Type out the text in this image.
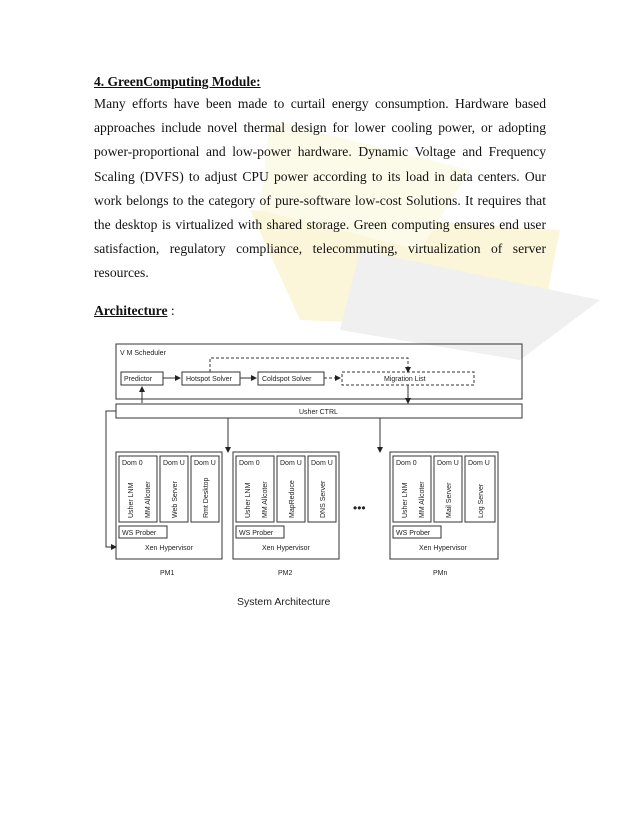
4. GreenComputing Module:
Many efforts have been made to curtail energy consumption. Hardware based approaches include novel thermal design for lower cooling power, or adopting power-proportional and low-power hardware. Dynamic Voltage and Frequency Scaling (DVFS) to adjust CPU power according to its load in data centers. Our work belongs to the category of pure-software low-cost Solutions. It requires that the desktop is virtualized with shared storage. Green computing ensures end user satisfaction, regulatory compliance, telecommuting, virtualization of server resources.
Architecture :
V M Scheduler
Predictor	Hotspot Solver	Coldspot Solver	Migration List
Usher CTRL
Dom 0	Dom U Dom U
WS Prober
Xen Hypervisor
PM1
Dom 0	Dom U Dom U
WS Prober
Xen Hypervisor
PM2
Dom 0	Dom U Dom U
WS Prober
Xen Hypervisor
PMn
Usher LNM MM Allcoter	Web Server	Rmt Desktop	Usher LNM MM Allcoter	MapReduce	DNS Server	Usher LNM MM Allcoter	Mail Server	Log Server
•••
System Architecture
